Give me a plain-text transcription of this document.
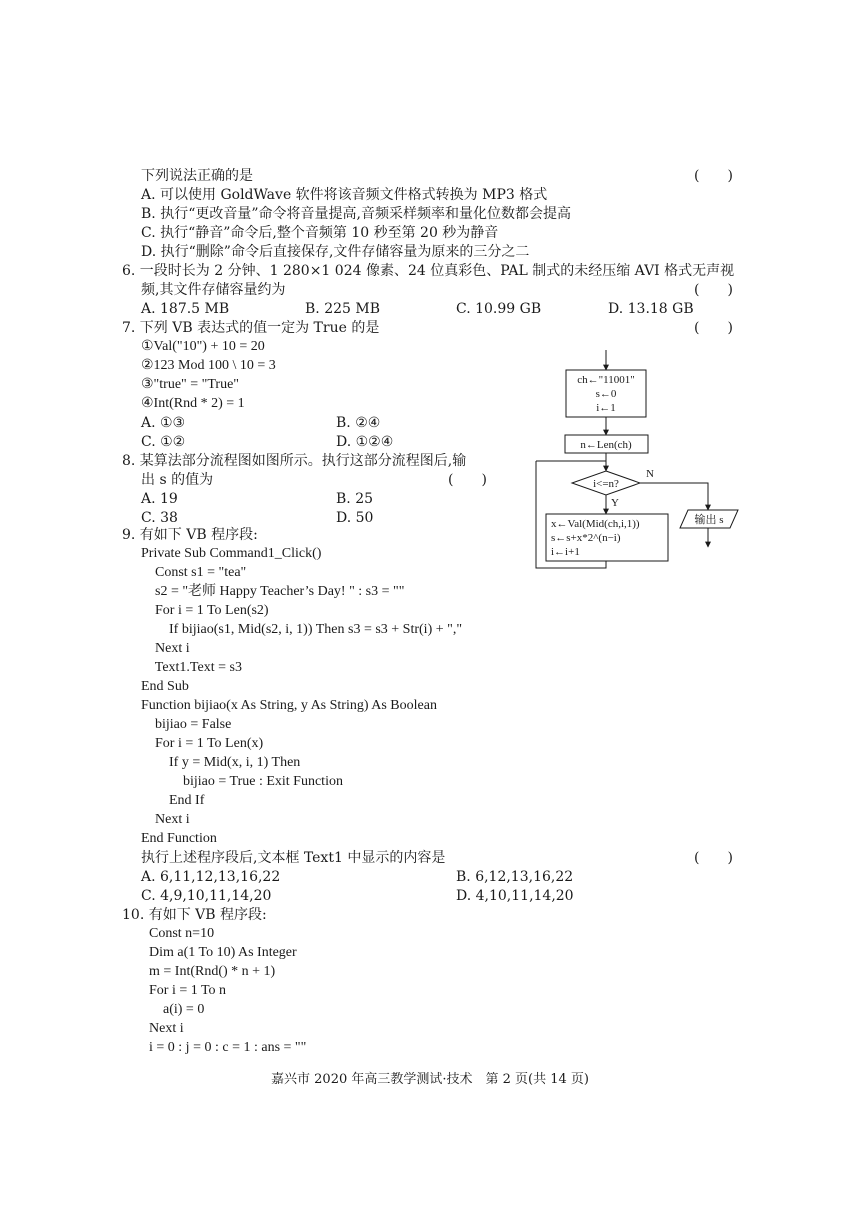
下列说法正确的是	(　　)
A. 可以使用 GoldWave 软件将该音频文件格式转换为 MP3 格式
B. 执行“更改音量”命令将音量提高,音频采样频率和量化位数都会提高
C. 执行“静音”命令后,整个音频第 10 秒至第 20 秒为静音
D. 执行“删除”命令后直接保存,文件存储容量为原来的三分之二
6. 一段时长为 2 分钟、1 280×1 024 像素、24 位真彩色、PAL 制式的未经压缩 AVI 格式无声视
频,其文件存储容量约为	(　　)
A. 187.5 MB	B. 225 MB	C. 10.99 GB	D. 13.18 GB
7. 下列 VB 表达式的值一定为 True 的是	(　　)
①Val("10") + 10 = 20
②123 Mod 100 \ 10 = 3
③"true" = "True"
④Int(Rnd * 2) = 1
A. ①③	B. ②④
C. ①②	D. ①②④
8. 某算法部分流程图如图所示。执行这部分流程图后,输
出 s 的值为	(　　)
A. 19	B. 25
C. 38	D. 50
ch←"11001"
s←0
i←1
n←Len(ch)
i<=n?
N
输出 s
Y
x←Val(Mid(ch,i,1))
s←s+x*2^(n−i)
i←i+1
9. 有如下 VB 程序段:
Private Sub Command1_Click()
Const s1 = "tea"
s2 = "老师 Happy Teacher’s Day! " : s3 = ""
For i = 1 To Len(s2)
If bijiao(s1, Mid(s2, i, 1)) Then s3 = s3 + Str(i) + ","
Next i
Text1.Text = s3
End Sub
Function bijiao(x As String, y As String) As Boolean
bijiao = False
For i = 1 To Len(x)
If y = Mid(x, i, 1) Then
bijiao = True : Exit Function
End If
Next i
End Function
执行上述程序段后,文本框 Text1 中显示的内容是	(　　)
A. 6,11,12,13,16,22	B. 6,12,13,16,22
C. 4,9,10,11,14,20	D. 4,10,11,14,20
10. 有如下 VB 程序段:
Const n=10
Dim a(1 To 10) As Integer
m = Int(Rnd() * n + 1)
For i = 1 To n
a(i) = 0
Next i
i = 0 : j = 0 : c = 1 : ans = ""
嘉兴市 2020 年高三教学测试·技术　第 2 页(共 14 页)
